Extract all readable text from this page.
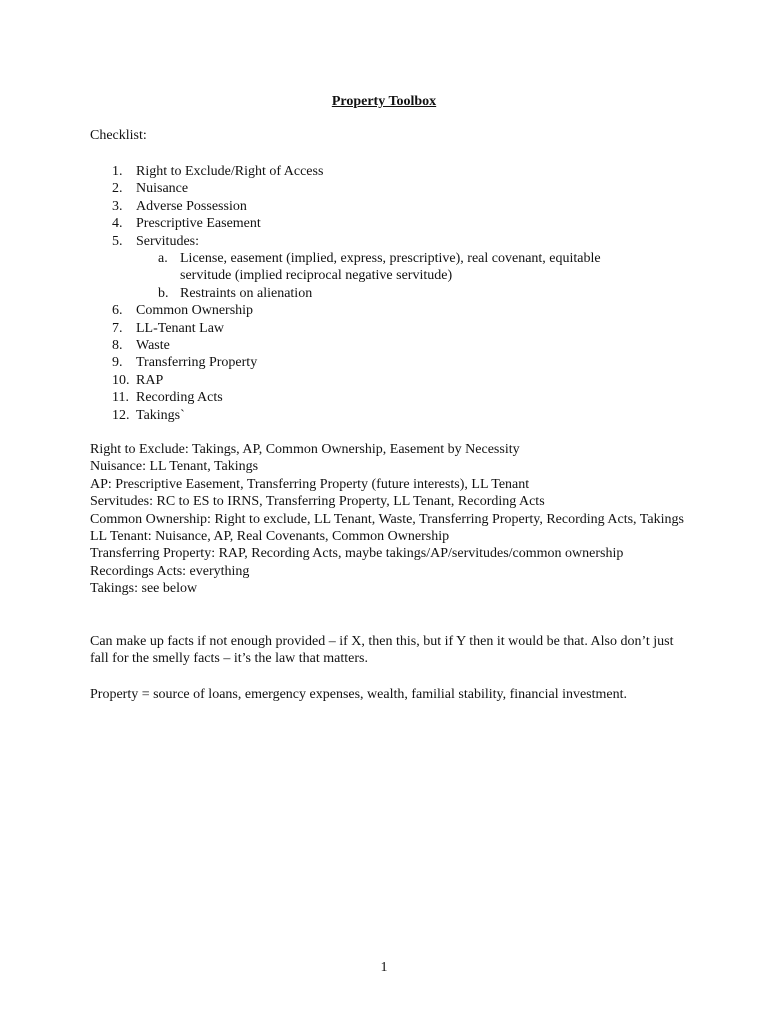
Property Toolbox
Checklist:
1. Right to Exclude/Right of Access
2. Nuisance
3. Adverse Possession
4. Prescriptive Easement
5. Servitudes:
a. License, easement (implied, express, prescriptive), real covenant, equitable servitude (implied reciprocal negative servitude)
b. Restraints on alienation
6. Common Ownership
7. LL-Tenant Law
8. Waste
9. Transferring Property
10. RAP
11. Recording Acts
12. Takings`
Right to Exclude: Takings, AP, Common Ownership, Easement by Necessity
Nuisance: LL Tenant, Takings
AP: Prescriptive Easement, Transferring Property (future interests), LL Tenant
Servitudes: RC to ES to IRNS, Transferring Property, LL Tenant, Recording Acts
Common Ownership: Right to exclude, LL Tenant, Waste, Transferring Property, Recording Acts, Takings
LL Tenant: Nuisance, AP, Real Covenants, Common Ownership
Transferring Property: RAP, Recording Acts, maybe takings/AP/servitudes/common ownership
Recordings Acts: everything
Takings: see below
Can make up facts if not enough provided – if X, then this, but if Y then it would be that. Also don’t just fall for the smelly facts – it’s the law that matters.
Property = source of loans, emergency expenses, wealth, familial stability, financial investment.
1
